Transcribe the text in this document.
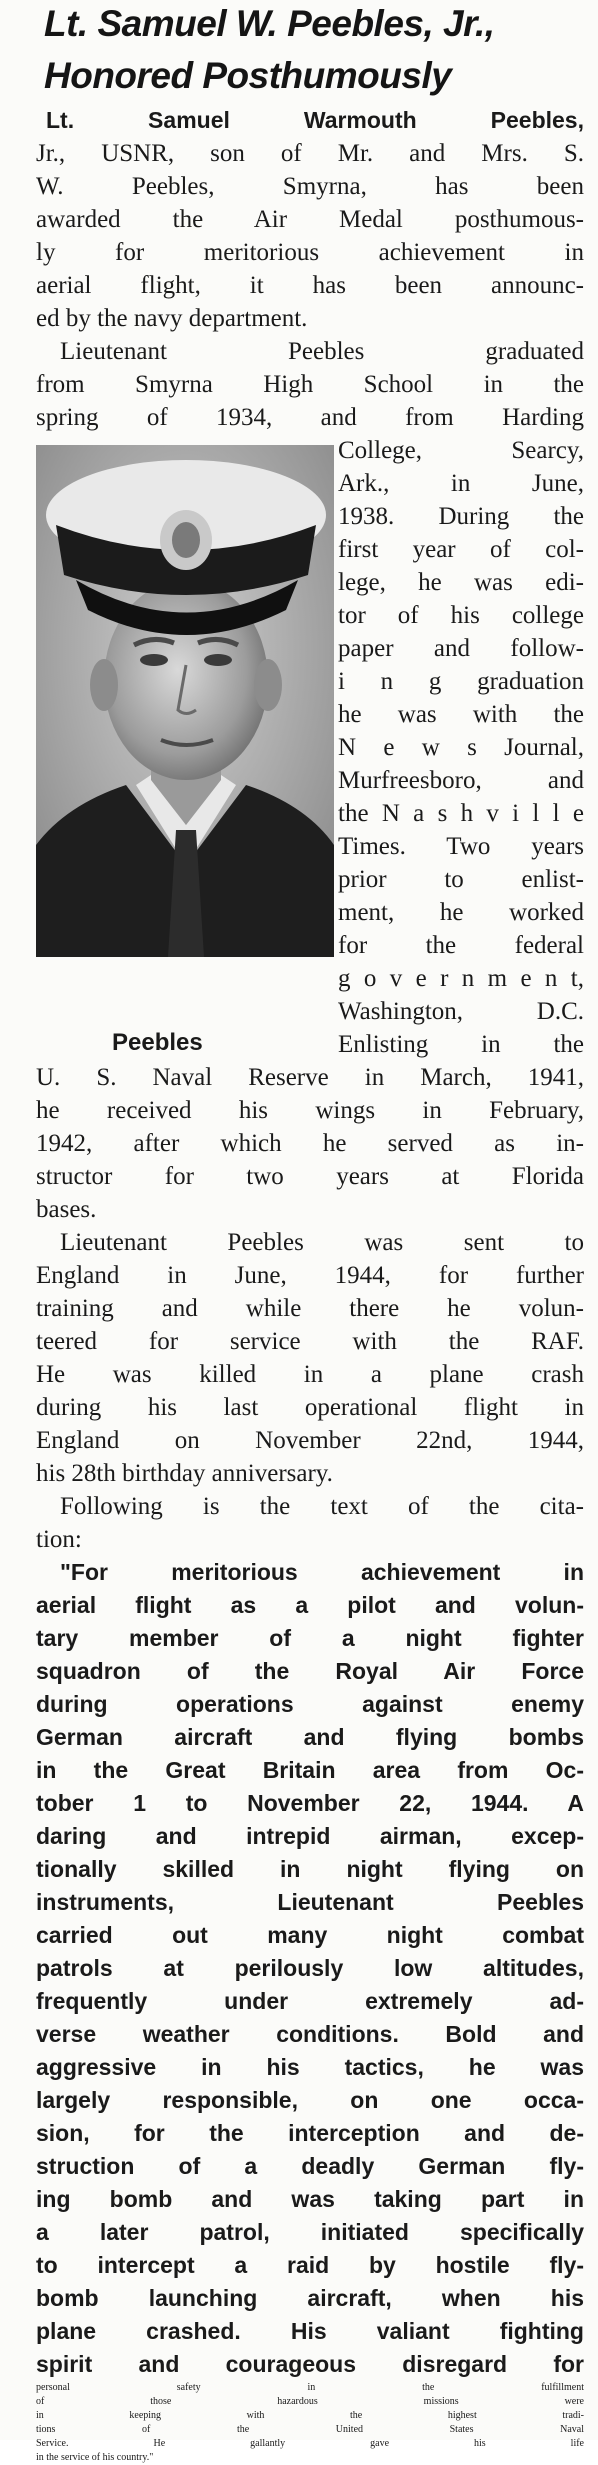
Lt. Samuel W. Peebles, Jr.,
Honored Posthumously
Lt. Samuel Warmouth Peebles,
Jr., USNR, son of Mr. and Mrs. S.
W. Peebles, Smyrna, has been
awarded the Air Medal posthumous-
ly for meritorious achievement in
aerial flight, it has been announc-
ed by the navy department.
Lieutenant Peebles graduated
from Smyrna High School in the
spring of 1934, and from Harding
College, Searcy,
Ark., in June,
1938. During the
first year of col-
lege, he was edi-
tor of his college
paper and follow-
i n g graduation
he was with the
N e w s Journal,
Murfreesboro, and
the N a s h v i l l e
Times. Two years
prior to enlist-
ment, he worked
for the federal
g o v e r n m e n t,
Washington, D.C.
Enlisting in the
Peebles
U. S. Naval Reserve in March, 1941,
he received his wings in February,
1942, after which he served as in-
structor for two years at Florida
bases.
Lieutenant Peebles was sent to
England in June, 1944, for further
training and while there he volun-
teered for service with the RAF.
He was killed in a plane crash
during his last operational flight in
England on November 22nd, 1944,
his 28th birthday anniversary.
Following is the text of the cita-
tion:
"For meritorious achievement in
aerial flight as a pilot and volun-
tary member of a night fighter
squadron of the Royal Air Force
during operations against enemy
German aircraft and flying bombs
in the Great Britain area from Oc-
tober 1 to November 22, 1944. A
daring and intrepid airman, excep-
tionally skilled in night flying on
instruments, Lieutenant Peebles
carried out many night combat
patrols at perilously low altitudes,
frequently under extremely ad-
verse weather conditions. Bold and
aggressive in his tactics, he was
largely responsible, on one occa-
sion, for the interception and de-
struction of a deadly German fly-
ing bomb and was taking part in
a later patrol, initiated specifically
to intercept a raid by hostile fly-
bomb launching aircraft, when his
plane crashed. His valiant fighting
spirit and courageous disregard for
personal safety in the fulfillment
of those hazardous missions were
in keeping with the highest tradi-
tions of the United States Naval
Service. He gallantly gave his life
in the service of his country."
